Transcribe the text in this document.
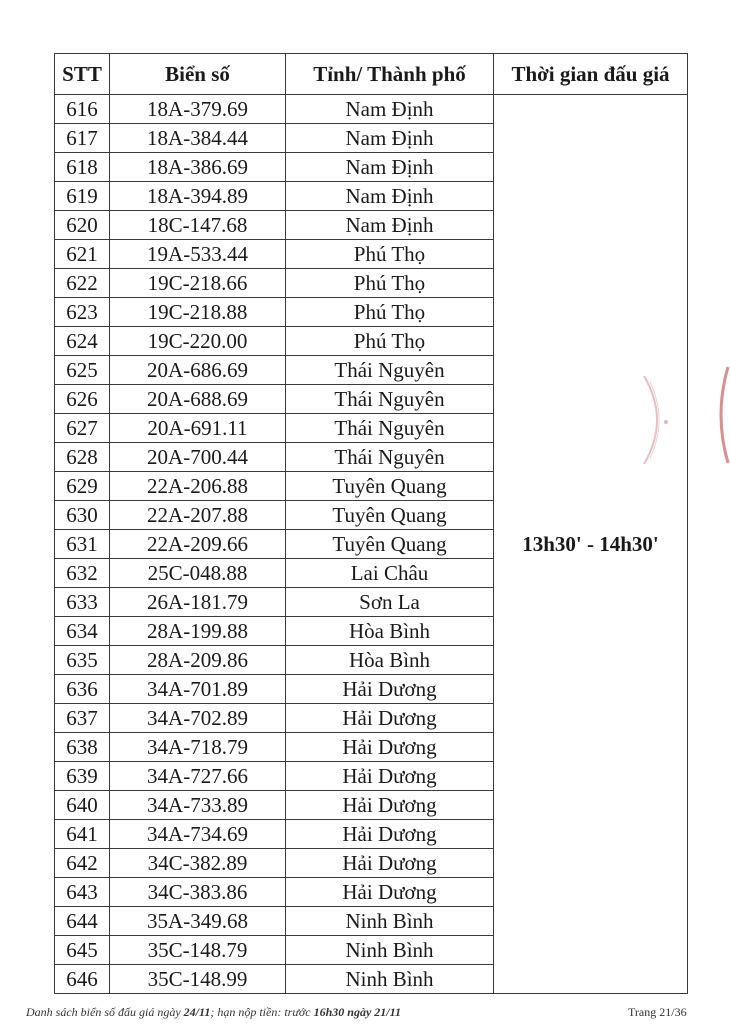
STT	Biển số	Tỉnh/ Thành phố	Thời gian đấu giá
616	18A-379.69	Nam Định	13h30' - 14h30'
617	18A-384.44	Nam Định	
618	18A-386.69	Nam Định	
619	18A-394.89	Nam Định	
620	18C-147.68	Nam Định	
621	19A-533.44	Phú Thọ	
622	19C-218.66	Phú Thọ	
623	19C-218.88	Phú Thọ	
624	19C-220.00	Phú Thọ	
625	20A-686.69	Thái Nguyên	
626	20A-688.69	Thái Nguyên	
627	20A-691.11	Thái Nguyên	
628	20A-700.44	Thái Nguyên	
629	22A-206.88	Tuyên Quang	
630	22A-207.88	Tuyên Quang	
631	22A-209.66	Tuyên Quang	
632	25C-048.88	Lai Châu	
633	26A-181.79	Sơn La	
634	28A-199.88	Hòa Bình	
635	28A-209.86	Hòa Bình	
636	34A-701.89	Hải Dương	
637	34A-702.89	Hải Dương	
638	34A-718.79	Hải Dương	
639	34A-727.66	Hải Dương	
640	34A-733.89	Hải Dương	
641	34A-734.69	Hải Dương	
642	34C-382.89	Hải Dương	
643	34C-383.86	Hải Dương	
644	35A-349.68	Ninh Bình	
645	35C-148.79	Ninh Bình	
646	35C-148.99	Ninh Bình	
Danh sách biển số đấu giá ngày 24/11; hạn nộp tiền: trước 16h30 ngày 21/11	Trang 21/36
